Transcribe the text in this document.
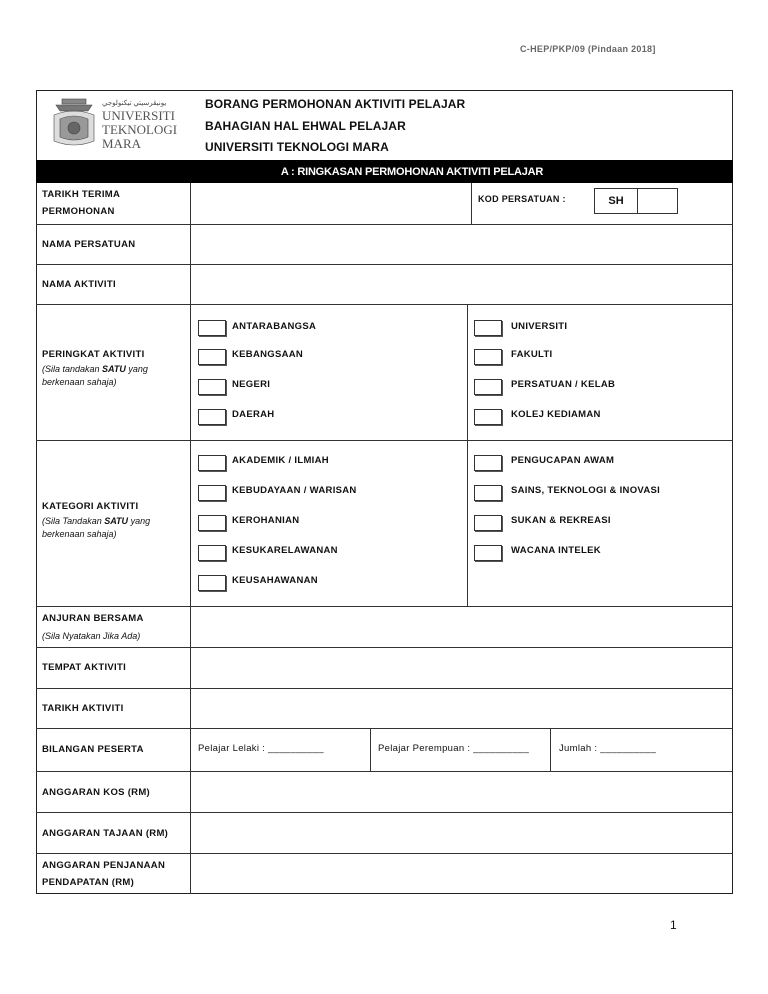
C-HEP/PKP/09 (Pindaan 2018]
ﻳﻮﻧﻴﭭﺮﺳﻴﺘﻲ ﺗﻴﻜﻨﻮﻟﻮﺟﻲ
UNIVERSITI
TEKNOLOGI
MARA
BORANG PERMOHONAN AKTIVITI PELAJAR
BAHAGIAN HAL EHWAL PELAJAR
UNIVERSITI TEKNOLOGI MARA
A : RINGKASAN PERMOHONAN AKTIVITI PELAJAR
TARIKH TERIMA
PERMOHONAN
KOD PERSATUAN :	SH
NAMA PERSATUAN
NAMA AKTIVITI
PERINGKAT AKTIVITI
(Sila tandakan SATU yang berkenaan sahaja)
ANTARABANGSA
KEBANGSAAN
NEGERI
DAERAH
UNIVERSITI
FAKULTI
PERSATUAN / KELAB
KOLEJ KEDIAMAN
KATEGORI AKTIVITI
(Sila Tandakan SATU yang berkenaan sahaja)
AKADEMIK / ILMIAH
KEBUDAYAAN / WARISAN
KEROHANIAN
KESUKARELAWANAN
KEUSAHAWANAN
PENGUCAPAN AWAM
SAINS, TEKNOLOGI & INOVASI
SUKAN & REKREASI
WACANA INTELEK
ANJURAN BERSAMA
(Sila Nyatakan Jika Ada)
TEMPAT AKTIVITI
TARIKH AKTIVITI
BILANGAN PESERTA	Pelajar Lelaki : __________	Pelajar Perempuan : __________	Jumlah : __________
ANGGARAN KOS (RM)
ANGGARAN TAJAAN (RM)
ANGGARAN PENJANAAN
PENDAPATAN (RM)
1
